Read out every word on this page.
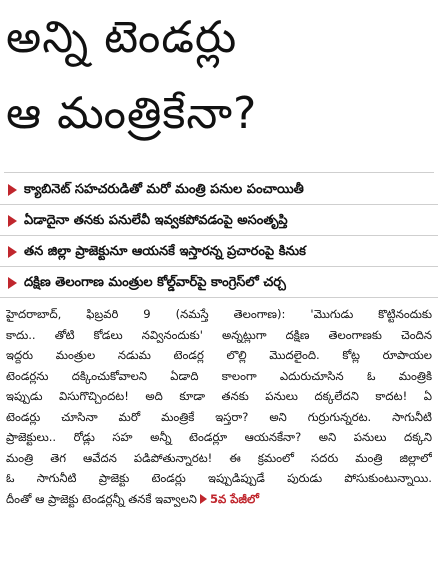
అన్ని టెండర్లు
ఆ మంత్రికేనా?
క్యాబినెట్ సహచరుడితో మరో మంత్రి పనుల పంచాయితీ
ఏడాదైనా తనకు పనులేవీ ఇవ్వకపోవడంపై అసంతృప్తి
తన జిల్లా ప్రాజెక్టునూ ఆయనకే ఇస్తారన్న ప్రచారంపై కినుక
దక్షిణ తెలంగాణ మంత్రుల కోల్డ్‌వార్‌పై కాంగ్రెస్‌లో చర్చ
హైదరాబాద్, ఫిబ్రవరి 9 (నమస్తే తెలంగాణ): 'మొగుడు కొట్టినందుకు
కాదు.. తోటి కోడలు నవ్వినందుకు' అన్నట్లుగా దక్షిణ తెలంగాణకు చెందిన
ఇద్దరు మంత్రుల నడుమ టెండర్ల లొల్లి మొదలైంది. కోట్ల రూపాయల
టెండర్లను దక్కించుకోవాలని ఏడాది కాలంగా ఎదురుచూసిన ఓ మంత్రికి
ఇప్పుడు విసుగొచ్చిందట! అది కూడా తనకు పనులు దక్కలేదని కాదట! ఏ
టెండర్లు చూసినా మరో మంత్రికే ఇస్తరా? అని గుర్రుగున్నరట. సాగునీటి
ప్రాజెక్టులు.. రోడ్లు సహ అన్నీ టెండర్లూ ఆయనకేనా? అని పనులు దక్కని
మంత్రి తెగ ఆవేదన పడిపోతున్నారట! ఈ క్రమంలో సదరు మంత్రి జిల్లాలో
ఓ సాగునీటి ప్రాజెక్టు టెండర్లు ఇప్పుడిప్పుడే పురుడు పోసుకుంటున్నాయి.
దీంతో ఆ ప్రాజెక్టు టెండర్లన్నీ తనకే ఇవ్వాలని 5వ పేజీలో
